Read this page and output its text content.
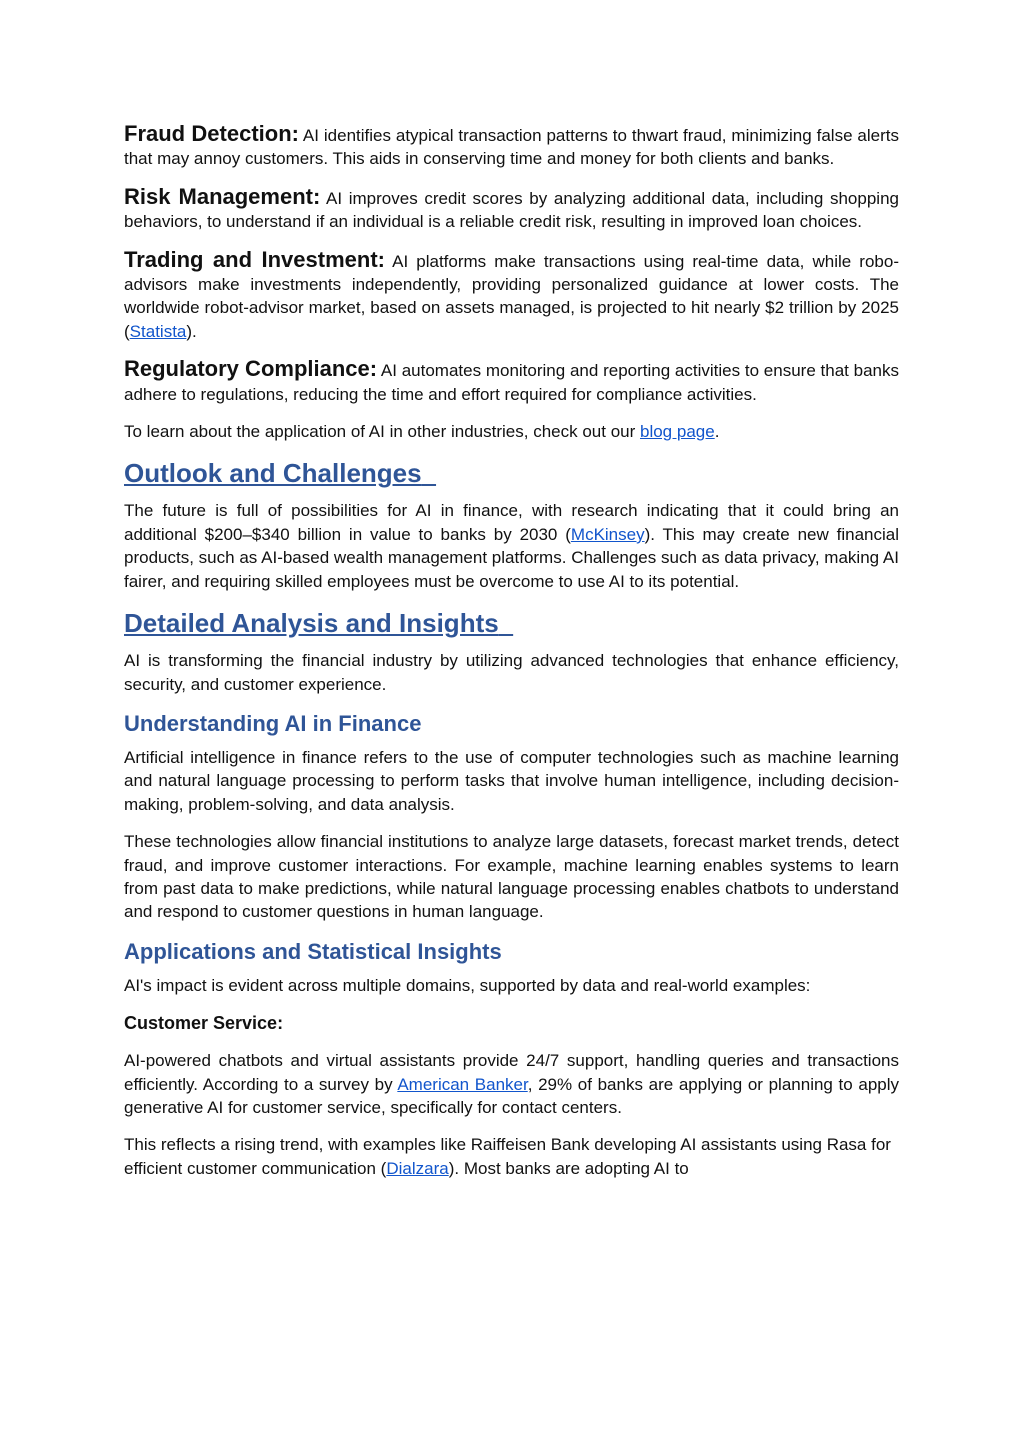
Fraud Detection: AI identifies atypical transaction patterns to thwart fraud, minimizing false alerts that may annoy customers. This aids in conserving time and money for both clients and banks.

Risk Management: AI improves credit scores by analyzing additional data, including shopping behaviors, to understand if an individual is a reliable credit risk, resulting in improved loan choices.

Trading and Investment: AI platforms make transactions using real-time data, while robo-advisors make investments independently, providing personalized guidance at lower costs. The worldwide robot-advisor market, based on assets managed, is projected to hit nearly $2 trillion by 2025 (Statista).

Regulatory Compliance: AI automates monitoring and reporting activities to ensure that banks adhere to regulations, reducing the time and effort required for compliance activities.

To learn about the application of AI in other industries, check out our blog page.

Outlook and Challenges

The future is full of possibilities for AI in finance, with research indicating that it could bring an additional $200–$340 billion in value to banks by 2030 (McKinsey). This may create new financial products, such as AI-based wealth management platforms. Challenges such as data privacy, making AI fairer, and requiring skilled employees must be overcome to use AI to its potential.

Detailed Analysis and Insights

AI is transforming the financial industry by utilizing advanced technologies that enhance efficiency, security, and customer experience.

Understanding AI in Finance

Artificial intelligence in finance refers to the use of computer technologies such as machine learning and natural language processing to perform tasks that involve human intelligence, including decision-making, problem-solving, and data analysis.

These technologies allow financial institutions to analyze large datasets, forecast market trends, detect fraud, and improve customer interactions. For example, machine learning enables systems to learn from past data to make predictions, while natural language processing enables chatbots to understand and respond to customer questions in human language.

Applications and Statistical Insights

AI's impact is evident across multiple domains, supported by data and real-world examples:

Customer Service:

AI-powered chatbots and virtual assistants provide 24/7 support, handling queries and transactions efficiently. According to a survey by American Banker, 29% of banks are applying or planning to apply generative AI for customer service, specifically for contact centers.

This reflects a rising trend, with examples like Raiffeisen Bank developing AI assistants using Rasa for efficient customer communication (Dialzara). Most banks are adopting AI to
